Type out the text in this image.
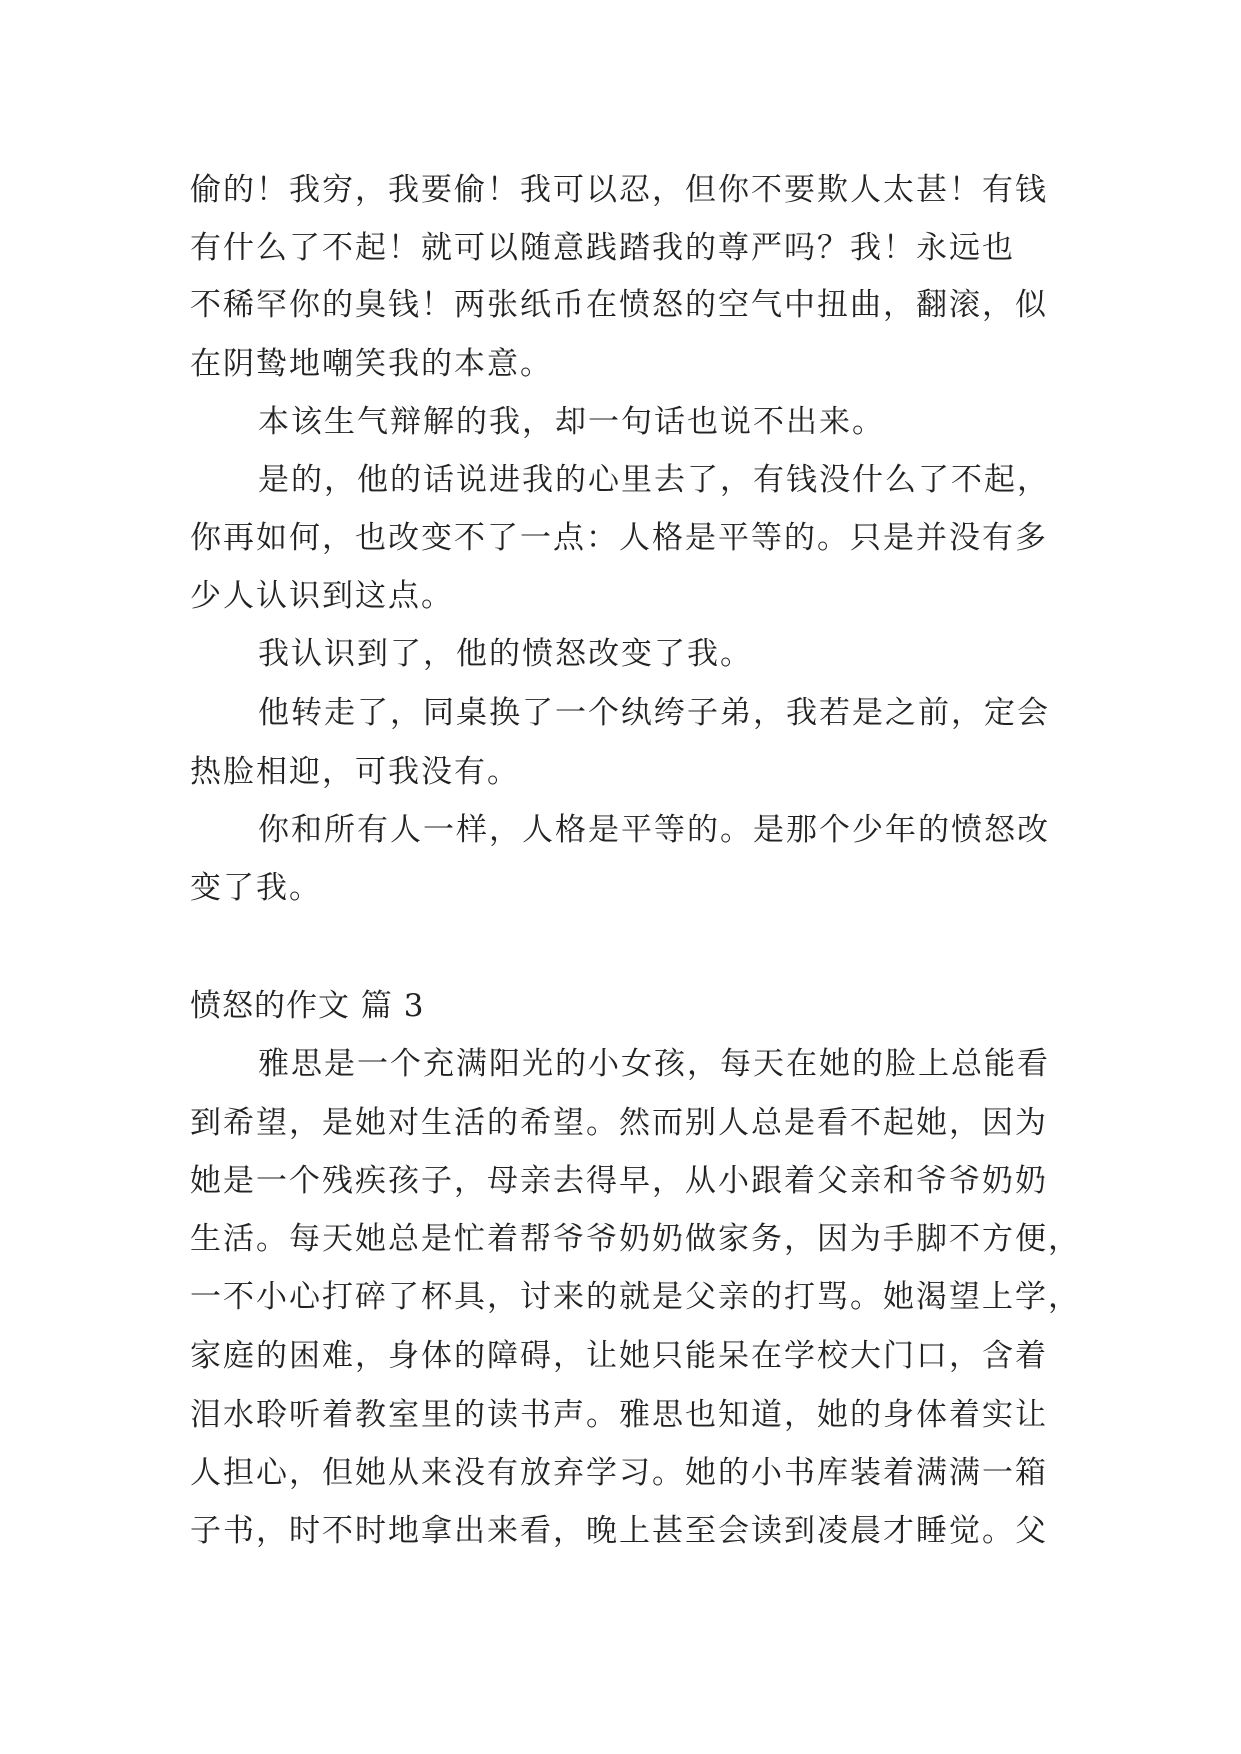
偷的！我穷，我要偷！我可以忍，但你不要欺人太甚！有钱
有什么了不起！就可以随意践踏我的尊严吗？我！永远也
不稀罕你的臭钱！两张纸币在愤怒的空气中扭曲，翻滚，似
在阴鸷地嘲笑我的本意。
本该生气辩解的我，却一句话也说不出来。
是的，他的话说进我的心里去了，有钱没什么了不起，
你再如何，也改变不了一点：人格是平等的。只是并没有多
少人认识到这点。
我认识到了，他的愤怒改变了我。
他转走了，同桌换了一个纨绔子弟，我若是之前，定会
热脸相迎，可我没有。
你和所有人一样，人格是平等的。是那个少年的愤怒改
变了我。
愤怒的作文 篇 3
雅思是一个充满阳光的小女孩，每天在她的脸上总能看
到希望，是她对生活的希望。然而别人总是看不起她，因为
她是一个残疾孩子，母亲去得早，从小跟着父亲和爷爷奶奶
生活。每天她总是忙着帮爷爷奶奶做家务，因为手脚不方便，
一不小心打碎了杯具，讨来的就是父亲的打骂。她渴望上学，
家庭的困难，身体的障碍，让她只能呆在学校大门口，含着
泪水聆听着教室里的读书声。雅思也知道，她的身体着实让
人担心，但她从来没有放弃学习。她的小书库装着满满一箱
子书，时不时地拿出来看，晚上甚至会读到凌晨才睡觉。父
